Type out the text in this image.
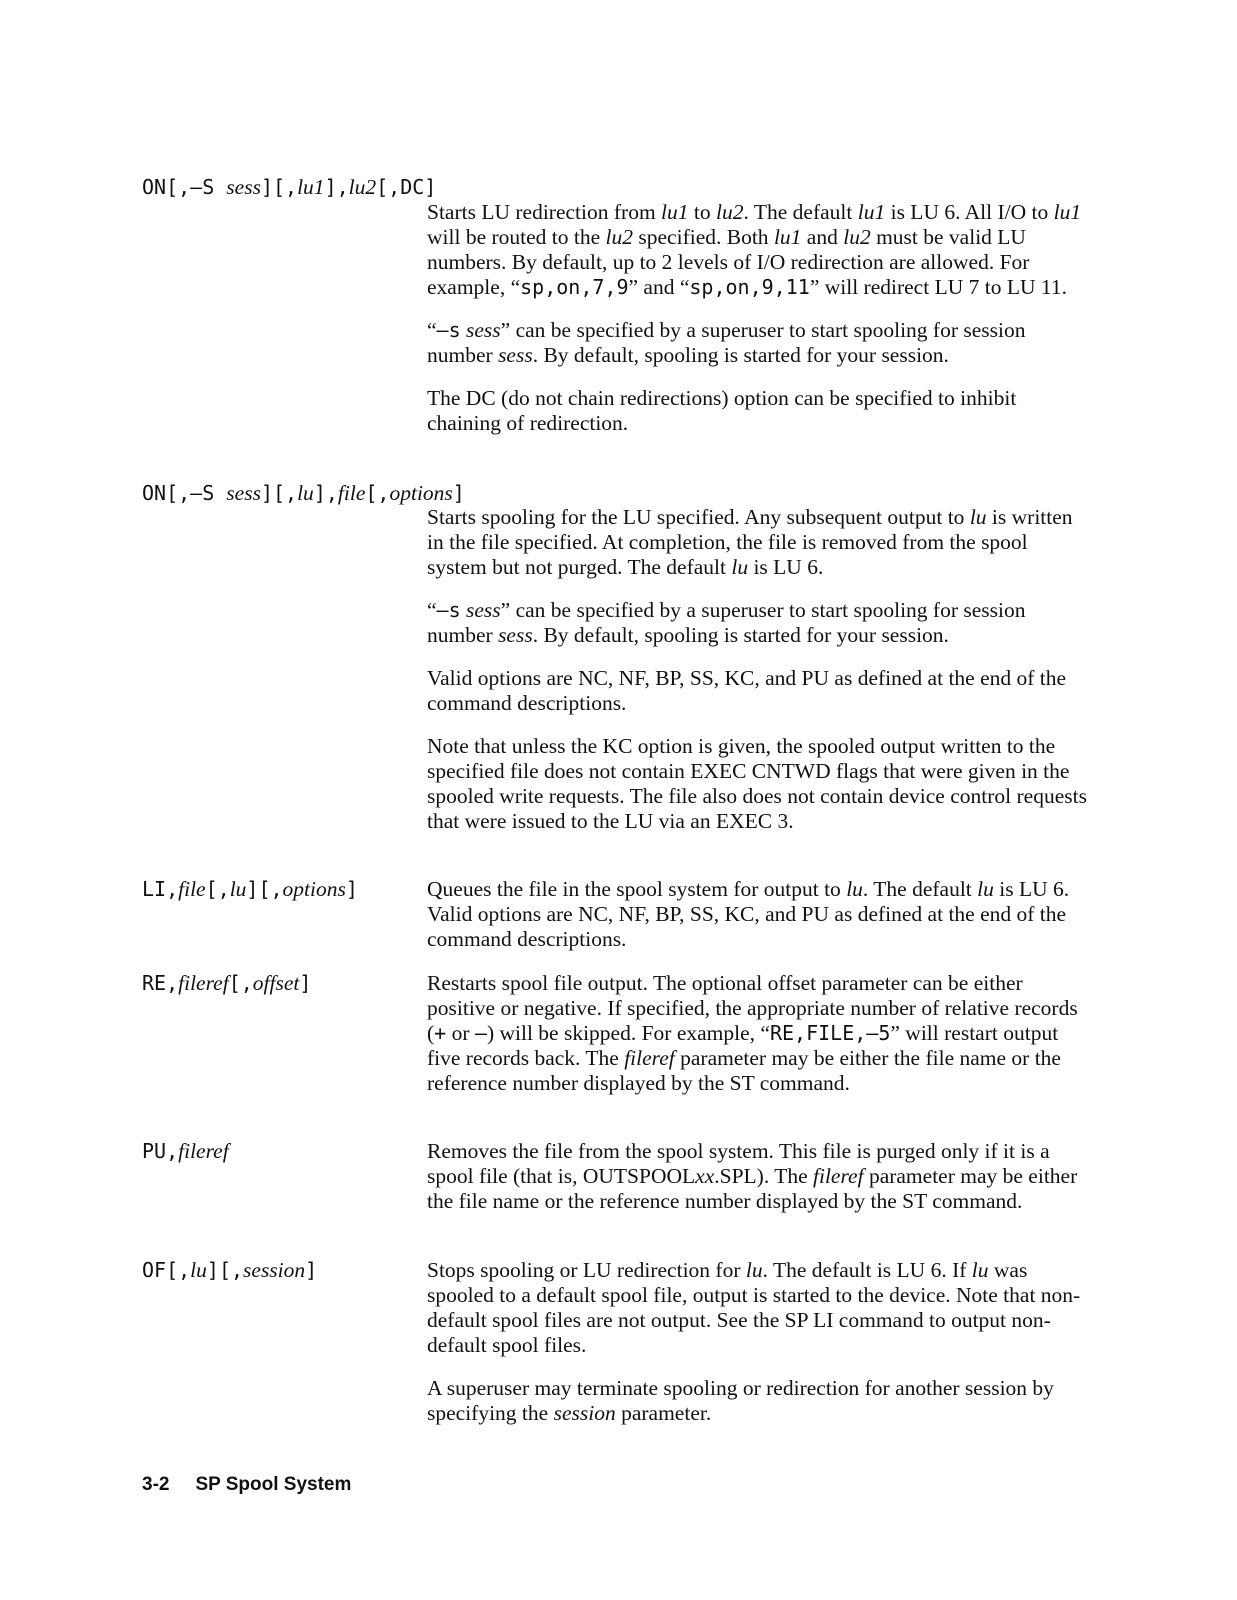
ON[,–S sess][,lu1],lu2[,DC]

Starts LU redirection from lu1 to lu2. The default lu1 is LU 6. All I/O to lu1 will be routed to the lu2 specified. Both lu1 and lu2 must be valid LU numbers. By default, up to 2 levels of I/O redirection are allowed. For example, “sp,on,7,9” and “sp,on,9,11” will redirect LU 7 to LU 11.

“–s sess” can be specified by a superuser to start spooling for session number sess. By default, spooling is started for your session.

The DC (do not chain redirections) option can be specified to inhibit chaining of redirection.

ON[,–S sess][,lu],file[,options]

Starts spooling for the LU specified. Any subsequent output to lu is written in the file specified. At completion, the file is removed from the spool system but not purged. The default lu is LU 6.

“–s sess” can be specified by a superuser to start spooling for session number sess. By default, spooling is started for your session.

Valid options are NC, NF, BP, SS, KC, and PU as defined at the end of the command descriptions.

Note that unless the KC option is given, the spooled output written to the specified file does not contain EXEC CNTWD flags that were given in the spooled write requests. The file also does not contain device control requests that were issued to the LU via an EXEC 3.

LI,file[,lu][,options]	Queues the file in the spool system for output to lu. The default lu is LU 6. Valid options are NC, NF, BP, SS, KC, and PU as defined at the end of the command descriptions.

RE,fileref[,offset]	Restarts spool file output. The optional offset parameter can be either positive or negative. If specified, the appropriate number of relative records (+ or –) will be skipped. For example, “RE,FILE,–5” will restart output five records back. The fileref parameter may be either the file name or the reference number displayed by the ST command.

PU,fileref	Removes the file from the spool system. This file is purged only if it is a spool file (that is, OUTSPOOLxx.SPL). The fileref parameter may be either the file name or the reference number displayed by the ST command.

OF[,lu][,session]	Stops spooling or LU redirection for lu. The default is LU 6. If lu was spooled to a default spool file, output is started to the device. Note that non-default spool files are not output. See the SP LI command to output non-default spool files.

A superuser may terminate spooling or redirection for another session by specifying the session parameter.

3-2 SP Spool System
